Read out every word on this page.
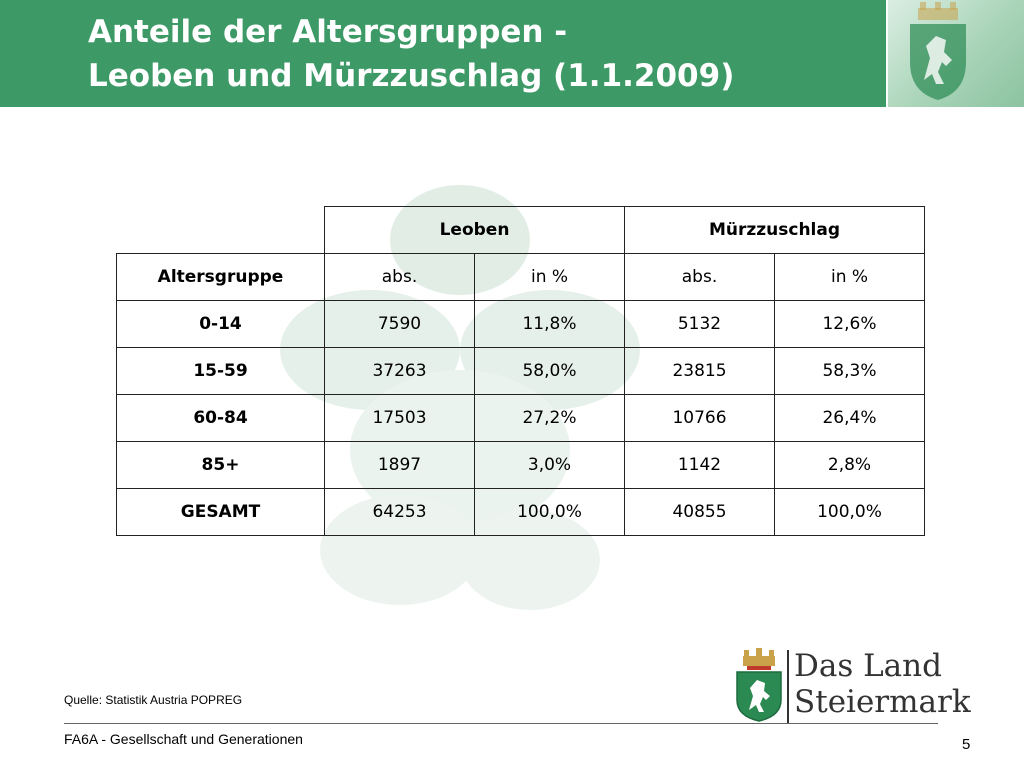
Anteile der Altersgruppen -
Leoben und Mürzzuschlag (1.1.2009)
	Leoben		Mürzzuschlag	
Altersgruppe	abs.	in %	abs.	in %
0-14	7590	11,8%	5132	12,6%
15-59	37263	58,0%	23815	58,3%
60-84	17503	27,2%	10766	26,4%
85+	1897	3,0%	1142	2,8%
GESAMT	64253	100,0%	40855	100,0%
Quelle: Statistik Austria POPREG
Das Land
Steiermark
FA6A - Gesellschaft und Generationen	5
